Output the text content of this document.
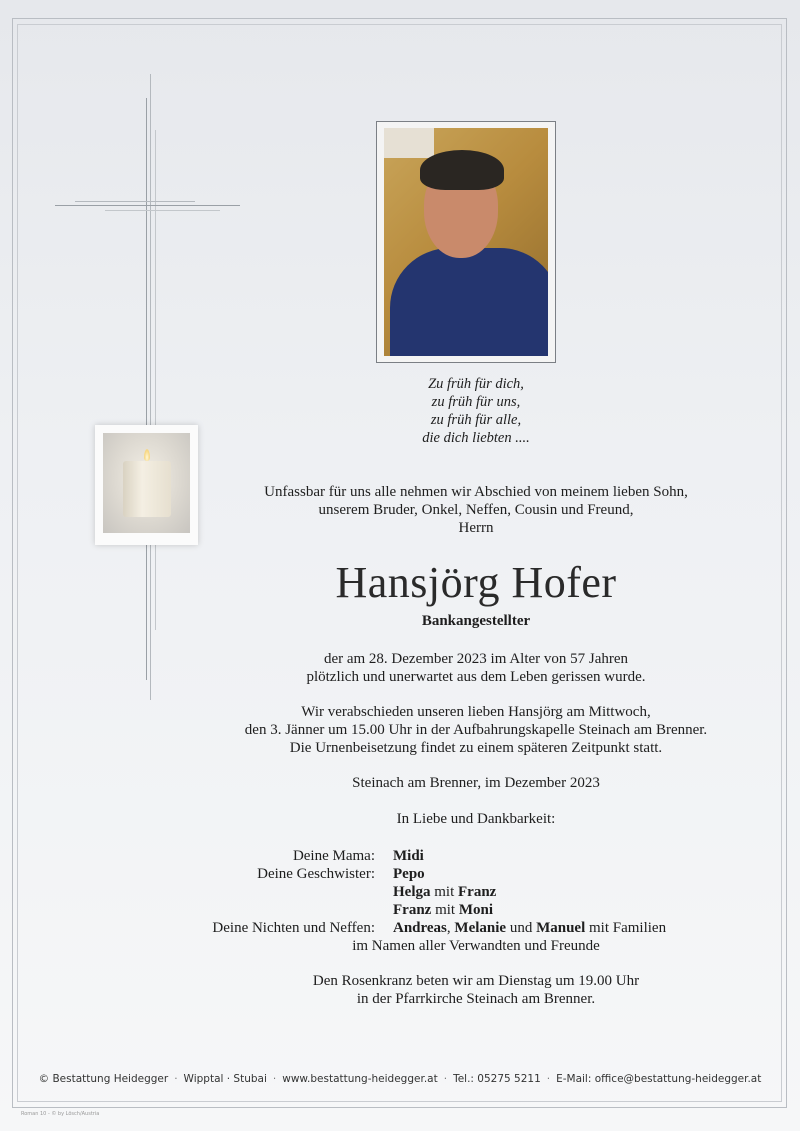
Zu früh für dich,
zu früh für uns,
zu früh für alle,
die dich liebten ....
Unfassbar für uns alle nehmen wir Abschied von meinem lieben Sohn,
unserem Bruder, Onkel, Neffen, Cousin und Freund,
Herrn
Hansjörg Hofer
Bankangestellter
der am 28. Dezember 2023 im Alter von 57 Jahren
plötzlich und unerwartet aus dem Leben gerissen wurde.
Wir verabschieden unseren lieben Hansjörg am Mittwoch,
den 3. Jänner um 15.00 Uhr in der Aufbahrungskapelle Steinach am Brenner.
Die Urnenbeisetzung findet zu einem späteren Zeitpunkt statt.
Steinach am Brenner, im Dezember 2023
In Liebe und Dankbarkeit:
Deine Mama:	Midi
Deine Geschwister:	Pepo
Helga mit Franz
Franz mit Moni
Deine Nichten und Neffen:	Andreas, Melanie und Manuel mit Familien
im Namen aller Verwandten und Freunde
Den Rosenkranz beten wir am Dienstag um 19.00 Uhr
in der Pfarrkirche Steinach am Brenner.
© Bestattung Heidegger · Wipptal · Stubai · www.bestattung-heidegger.at · Tel.: 05275 5211 · E-Mail: office@bestattung-heidegger.at
Roman 10 - © by Lösch/Austria
